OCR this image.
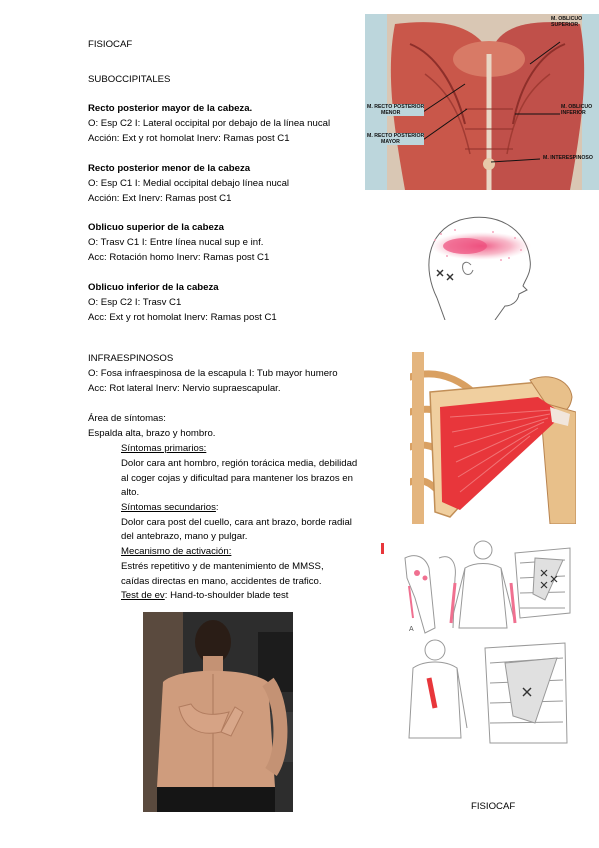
FISIOCAF
SUBOCCIPITALES
Recto posterior mayor de la cabeza.
O: Esp C2 I: Lateral occipital por debajo de la línea nucal
Acción: Ext y rot homolat Inerv: Ramas post C1
Recto posterior menor de la cabeza
O: Esp C1 I: Medial occipital debajo línea nucal
Acción: Ext Inerv: Ramas post C1
Oblicuo superior de la cabeza
O: Trasv C1 I: Entre línea nucal sup e inf.
Acc: Rotación homo Inerv: Ramas post C1
Oblicuo inferior de la cabeza
O: Esp C2 I: Trasv C1
Acc: Ext y rot homolat Inerv: Ramas post C1
M. OBLICUO
SUPERIOR
M. RECTO POSTERIOR
MENOR
M. RECTO POSTERIOR
MAYOR
M. OBLICUO
INFERIOR
M. INTERESPINOSO
INFRAESPINOSOS
O: Fosa infraespinosa de la escapula I: Tub mayor humero
Acc: Rot lateral Inerv: Nervio supraescapular.
Área de síntomas:
Espalda alta, brazo y hombro.
Síntomas primarios:
Dolor cara ant hombro, región torácica media, debilidad
al coger cojas y dificultad para mantener los brazos en
alto.
Síntomas secundarios:
Dolor cara post del cuello, cara ant brazo, borde radial
del antebrazo, mano y pulgar.
Mecanismo de activación:
Estrés repetitivo y de mantenimiento de MMSS,
caídas directas en mano, accidentes de trafico.
Test de ev: Hand-to-shoulder blade test
A
FISIOCAF
